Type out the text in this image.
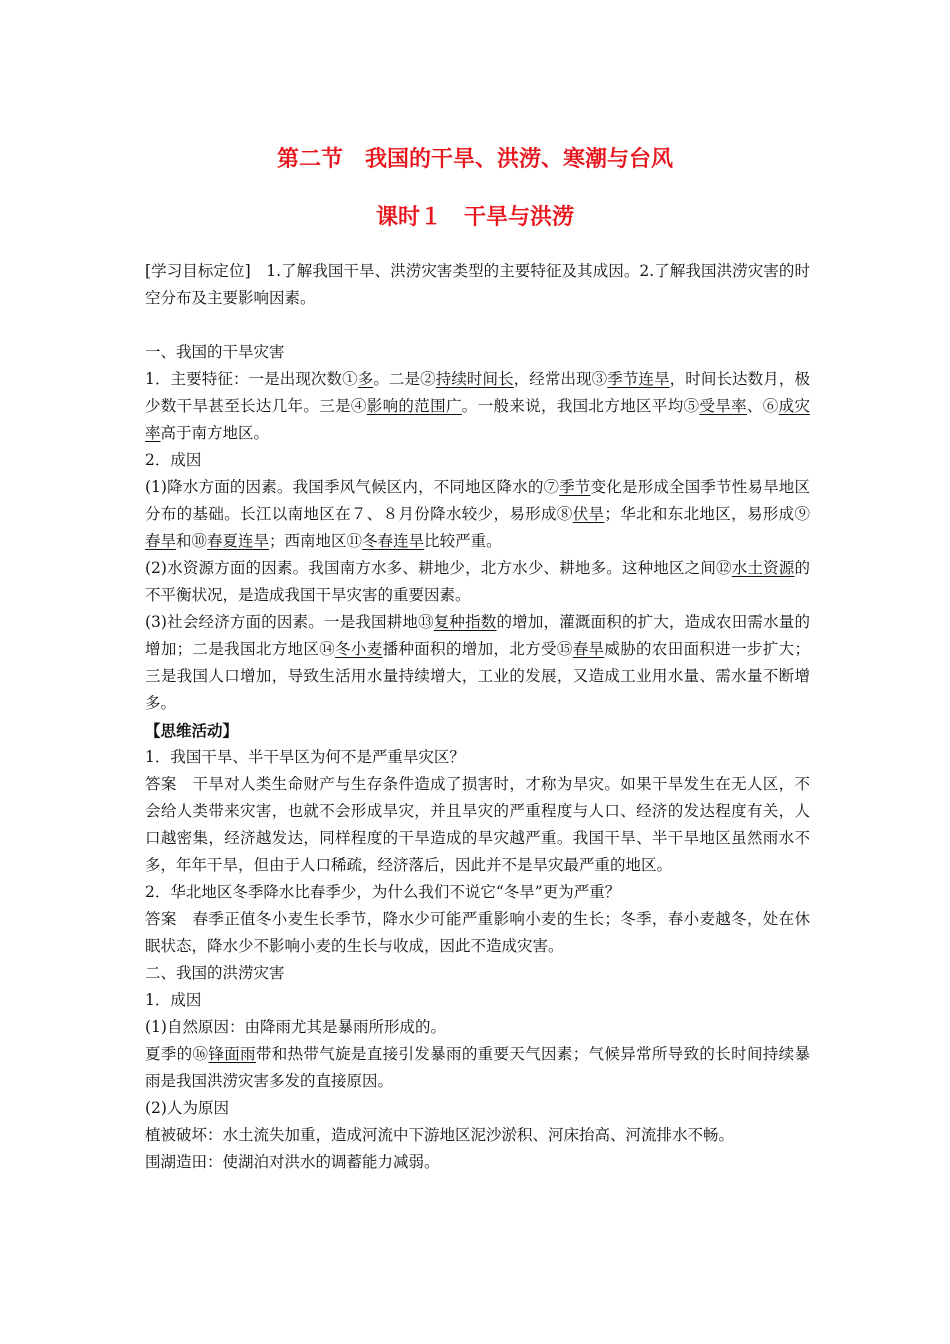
第二节　我国的干旱、洪涝、寒潮与台风
课时１　干旱与洪涝

[学习目标定位]　1.了解我国干旱、洪涝灾害类型的主要特征及其成因。2.了解我国洪涝灾害的时空分布及主要影响因素。

一、我国的干旱灾害

1．主要特征：一是出现次数①多。二是②持续时间长，经常出现③季节连旱，时间长达数月，极少数干旱甚至长达几年。三是④影响的范围广。一般来说，我国北方地区平均⑤受旱率、⑥成灾率高于南方地区。

2．成因

(1)降水方面的因素。我国季风气候区内，不同地区降水的⑦季节变化是形成全国季节性易旱地区分布的基础。长江以南地区在７、８月份降水较少，易形成⑧伏旱；华北和东北地区，易形成⑨春旱和⑩春夏连旱；西南地区⑪冬春连旱比较严重。

(2)水资源方面的因素。我国南方水多、耕地少，北方水少、耕地多。这种地区之间⑫水土资源的不平衡状况，是造成我国干旱灾害的重要因素。

(3)社会经济方面的因素。一是我国耕地⑬复种指数的增加，灌溉面积的扩大，造成农田需水量的增加；二是我国北方地区⑭冬小麦播种面积的增加，北方受⑮春旱威胁的农田面积进一步扩大；三是我国人口增加，导致生活用水量持续增大，工业的发展，又造成工业用水量、需水量不断增多。

【思维活动】

1．我国干旱、半干旱区为何不是严重旱灾区？

答案　干旱对人类生命财产与生存条件造成了损害时，才称为旱灾。如果干旱发生在无人区，不会给人类带来灾害，也就不会形成旱灾，并且旱灾的严重程度与人口、经济的发达程度有关，人口越密集，经济越发达，同样程度的干旱造成的旱灾越严重。我国干旱、半干旱地区虽然雨水不多，年年干旱，但由于人口稀疏，经济落后，因此并不是旱灾最严重的地区。

2．华北地区冬季降水比春季少，为什么我们不说它“冬旱”更为严重？

答案　春季正值冬小麦生长季节，降水少可能严重影响小麦的生长；冬季，春小麦越冬，处在休眠状态，降水少不影响小麦的生长与收成，因此不造成灾害。

二、我国的洪涝灾害

1．成因

(1)自然原因：由降雨尤其是暴雨所形成的。

夏季的⑯锋面雨带和热带气旋是直接引发暴雨的重要天气因素；气候异常所导致的长时间持续暴雨是我国洪涝灾害多发的直接原因。

(2)人为原因

植被破坏：水土流失加重，造成河流中下游地区泥沙淤积、河床抬高、河流排水不畅。

围湖造田：使湖泊对洪水的调蓄能力减弱。
